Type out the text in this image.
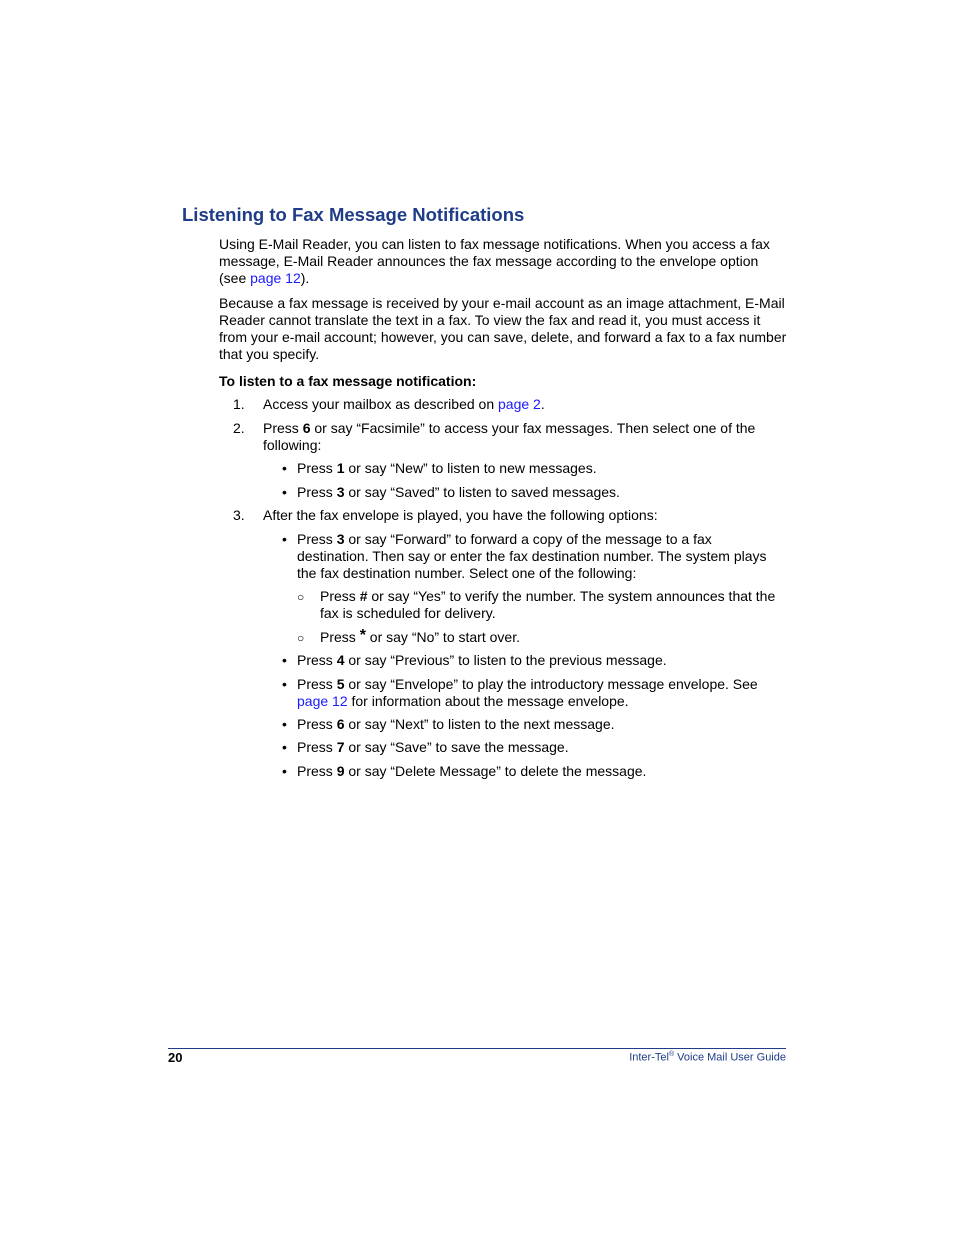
Listening to Fax Message Notifications

Using E-Mail Reader, you can listen to fax message notifications. When you access a fax message, E-Mail Reader announces the fax message according to the envelope option (see page 12).

Because a fax message is received by your e-mail account as an image attachment, E-Mail Reader cannot translate the text in a fax. To view the fax and read it, you must access it from your e-mail account; however, you can save, delete, and forward a fax to a fax number that you specify.

To listen to a fax message notification:

1. Access your mailbox as described on page 2.
2. Press 6 or say “Facsimile” to access your fax messages. Then select one of the following:
• Press 1 or say “New” to listen to new messages.
• Press 3 or say “Saved” to listen to saved messages.
3. After the fax envelope is played, you have the following options:
• Press 3 or say “Forward” to forward a copy of the message to a fax destination. Then say or enter the fax destination number. The system plays the fax destination number. Select one of the following:
○ Press # or say “Yes” to verify the number. The system announces that the fax is scheduled for delivery.
○ Press * or say “No” to start over.
• Press 4 or say “Previous” to listen to the previous message.
• Press 5 or say “Envelope” to play the introductory message envelope. See page 12 for information about the message envelope.
• Press 6 or say “Next” to listen to the next message.
• Press 7 or say “Save” to save the message.
• Press 9 or say “Delete Message” to delete the message.
20	Inter-Tel® Voice Mail User Guide
